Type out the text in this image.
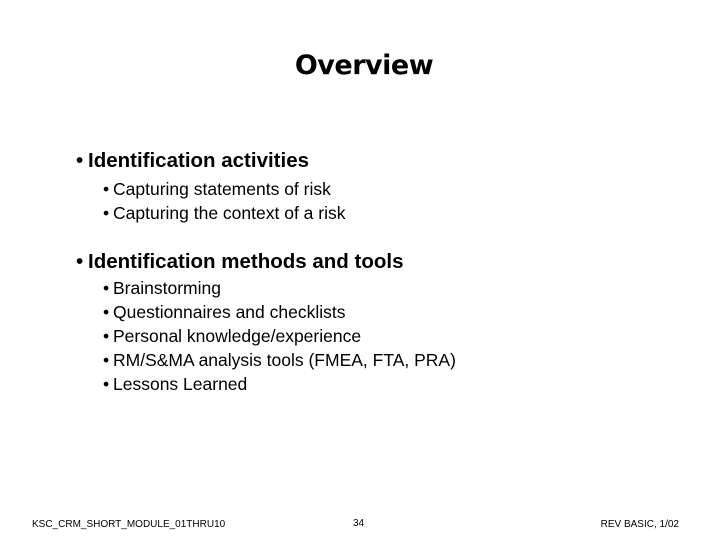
Overview
• Identification activities
• Capturing statements of risk
• Capturing the context of a risk
• Identification methods and tools
• Brainstorming
• Questionnaires and checklists
• Personal knowledge/experience
• RM/S&MA analysis tools (FMEA, FTA, PRA)
• Lessons Learned
KSC_CRM_SHORT_MODULE_01THRU10	34	REV BASIC, 1/02
